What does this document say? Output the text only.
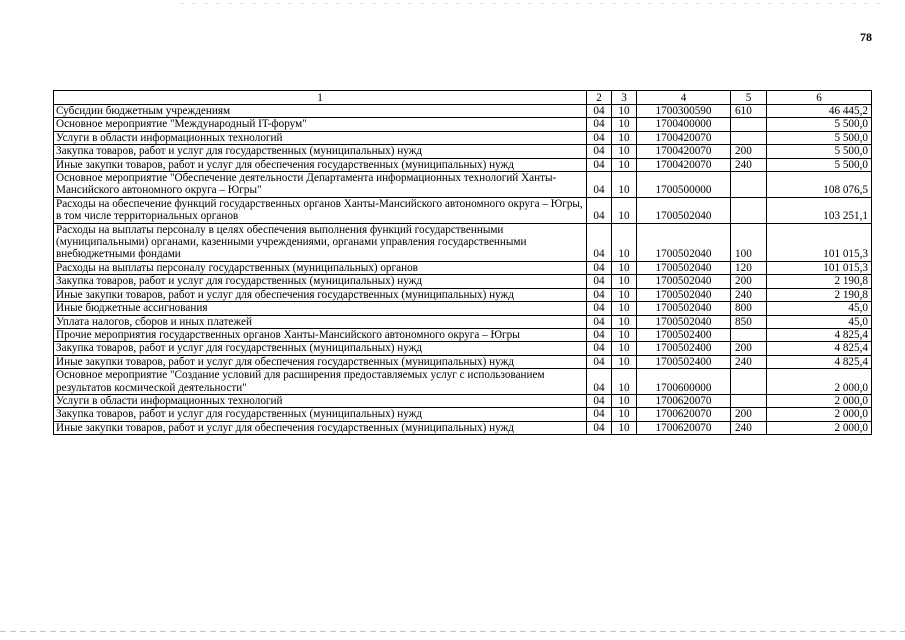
78
1	2	3	4	5	6
Субсидии бюджетным учреждениям	04	10	1700300590	610	46 445,2
Основное мероприятие "Международный IT-форум"	04	10	1700400000		5 500,0
Услуги в области информационных технологий	04	10	1700420070		5 500,0
Закупка товаров, работ и услуг для государственных (муниципальных) нужд	04	10	1700420070	200	5 500,0
Иные закупки товаров, работ и услуг для обеспечения государственных (муниципальных) нужд	04	10	1700420070	240	5 500,0
Основное мероприятие "Обеспечение деятельности Департамента информационных технологий Ханты-Мансийского автономного округа – Югры"	04	10	1700500000		108 076,5
Расходы на обеспечение функций государственных органов Ханты-Мансийского автономного округа – Югры, в том числе территориальных органов	04	10	1700502040		103 251,1
Расходы на выплаты персоналу в целях обеспечения выполнения функций государственными (муниципальными) органами, казенными учреждениями, органами управления государственными внебюджетными фондами	04	10	1700502040	100	101 015,3
Расходы на выплаты персоналу государственных (муниципальных) органов	04	10	1700502040	120	101 015,3
Закупка товаров, работ и услуг для государственных (муниципальных) нужд	04	10	1700502040	200	2 190,8
Иные закупки товаров, работ и услуг для обеспечения государственных (муниципальных) нужд	04	10	1700502040	240	2 190,8
Иные бюджетные ассигнования	04	10	1700502040	800	45,0
Уплата налогов, сборов и иных платежей	04	10	1700502040	850	45,0
Прочие мероприятия государственных органов Ханты-Мансийского автономного округа – Югры	04	10	1700502400		4 825,4
Закупка товаров, работ и услуг для государственных (муниципальных) нужд	04	10	1700502400	200	4 825,4
Иные закупки товаров, работ и услуг для обеспечения государственных (муниципальных) нужд	04	10	1700502400	240	4 825,4
Основное мероприятие "Создание условий для расширения предоставляемых услуг с использованием результатов космической деятельности"	04	10	1700600000		2 000,0
Услуги в области информационных технологий	04	10	1700620070		2 000,0
Закупка товаров, работ и услуг для государственных (муниципальных) нужд	04	10	1700620070	200	2 000,0
Иные закупки товаров, работ и услуг для обеспечения государственных (муниципальных) нужд	04	10	1700620070	240	2 000,0
